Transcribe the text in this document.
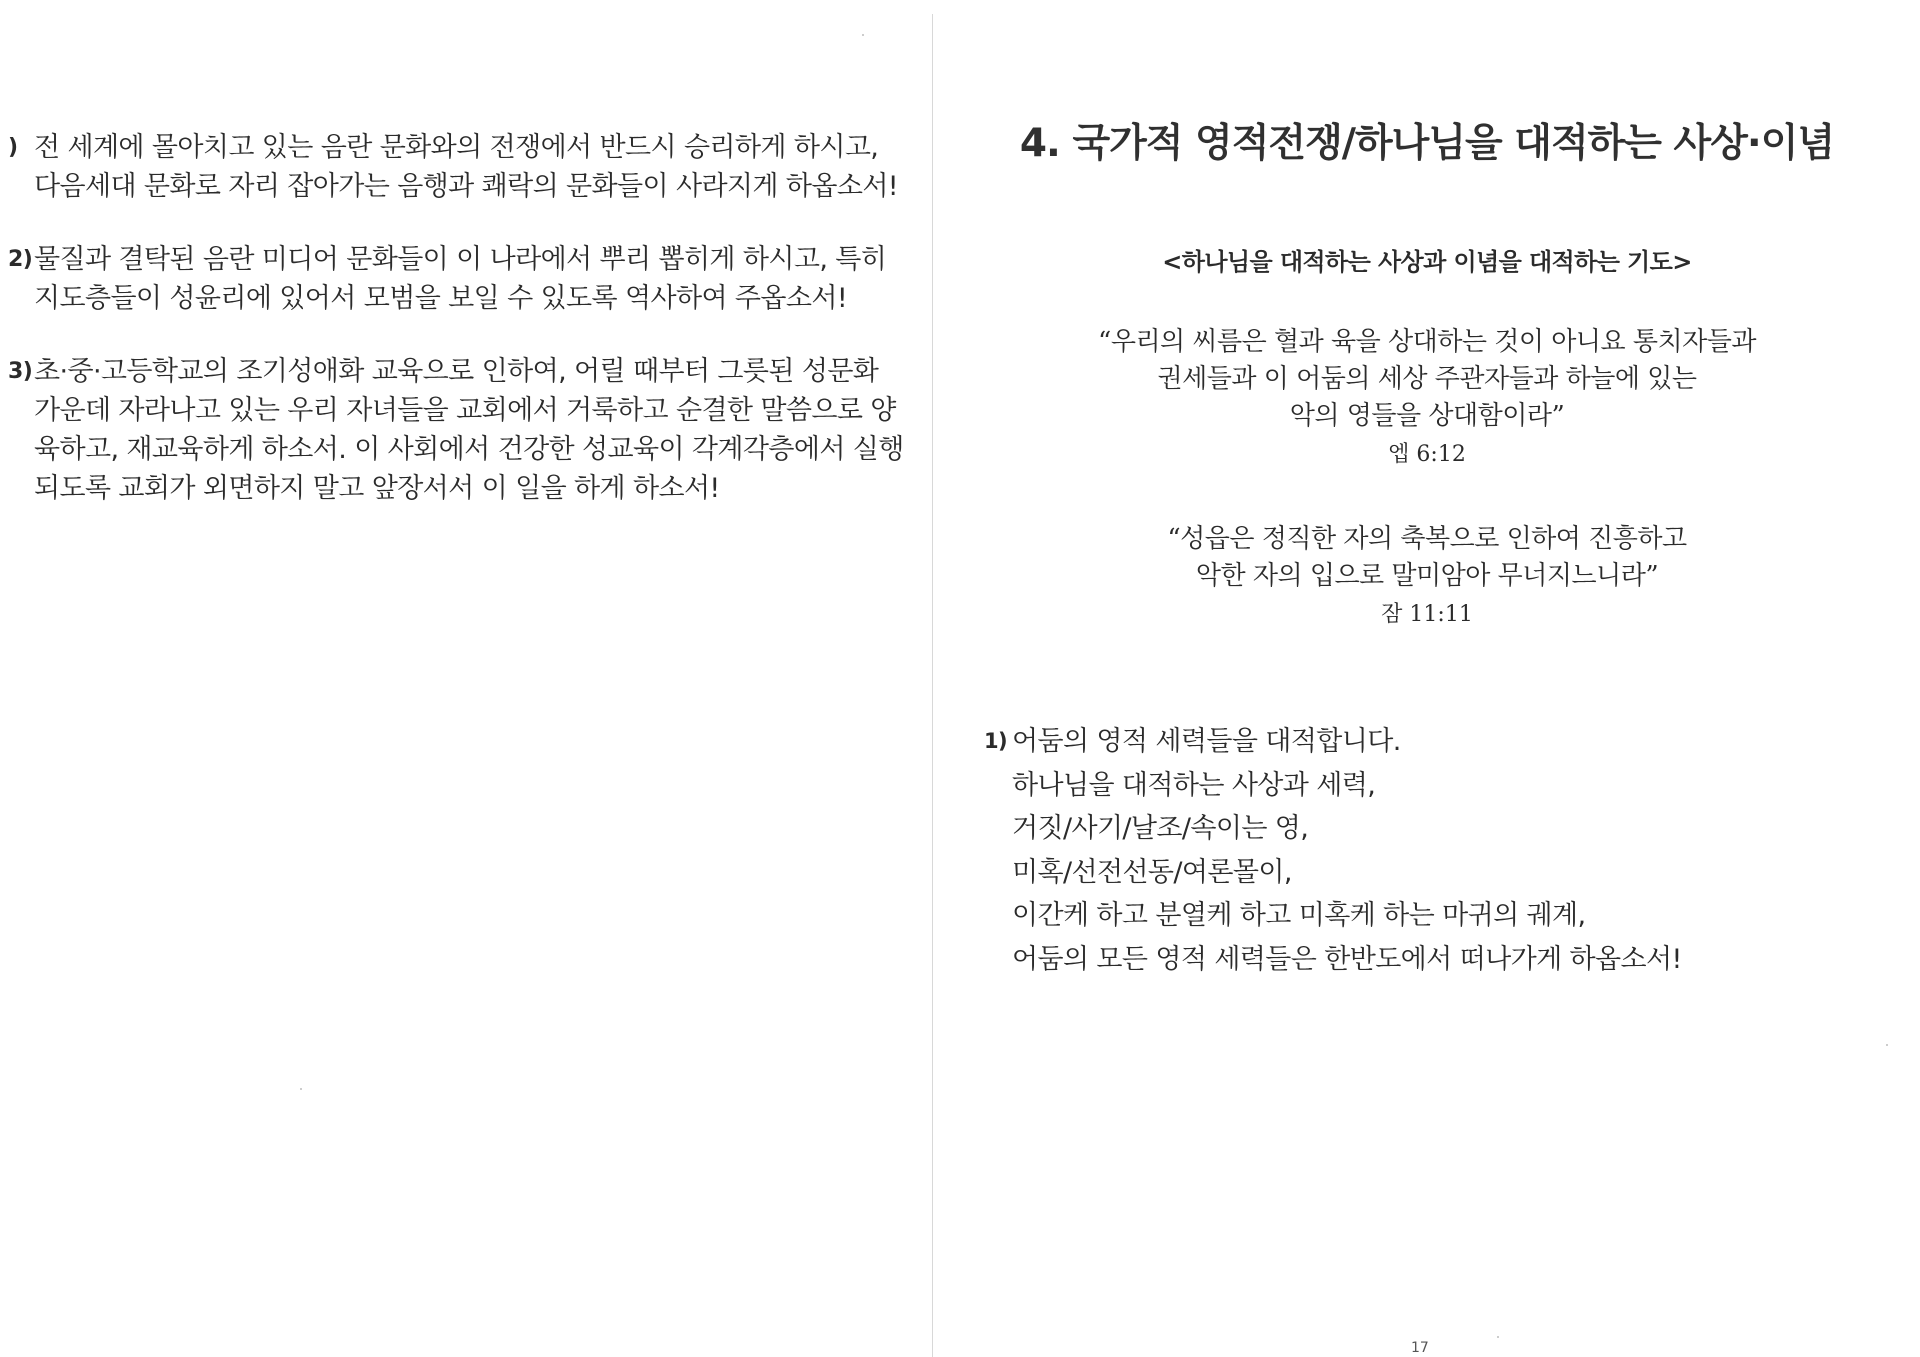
) 전 세계에 몰아치고 있는 음란 문화와의 전쟁에서 반드시 승리하게 하시고,
다음세대 문화로 자리 잡아가는 음행과 쾌락의 문화들이 사라지게 하옵소서!
2) 물질과 결탁된 음란 미디어 문화들이 이 나라에서 뿌리 뽑히게 하시고, 특히
지도층들이 성윤리에 있어서 모범을 보일 수 있도록 역사하여 주옵소서!
3) 초·중·고등학교의 조기성애화 교육으로 인하여, 어릴 때부터 그릇된 성문화
가운데 자라나고 있는 우리 자녀들을 교회에서 거룩하고 순결한 말씀으로 양
육하고, 재교육하게 하소서. 이 사회에서 건강한 성교육이 각계각층에서 실행
되도록 교회가 외면하지 말고 앞장서서 이 일을 하게 하소서!
4. 국가적 영적전쟁/하나님을 대적하는 사상·이념
<하나님을 대적하는 사상과 이념을 대적하는 기도>
“우리의 씨름은 혈과 육을 상대하는 것이 아니요 통치자들과
권세들과 이 어둠의 세상 주관자들과 하늘에 있는
악의 영들을 상대함이라”
엡 6:12
“성읍은 정직한 자의 축복으로 인하여 진흥하고
악한 자의 입으로 말미암아 무너지느니라”
잠 11:11
1) 어둠의 영적 세력들을 대적합니다.
하나님을 대적하는 사상과 세력,
거짓/사기/날조/속이는 영,
미혹/선전선동/여론몰이,
이간케 하고 분열케 하고 미혹케 하는 마귀의 궤계,
어둠의 모든 영적 세력들은 한반도에서 떠나가게 하옵소서!
17
